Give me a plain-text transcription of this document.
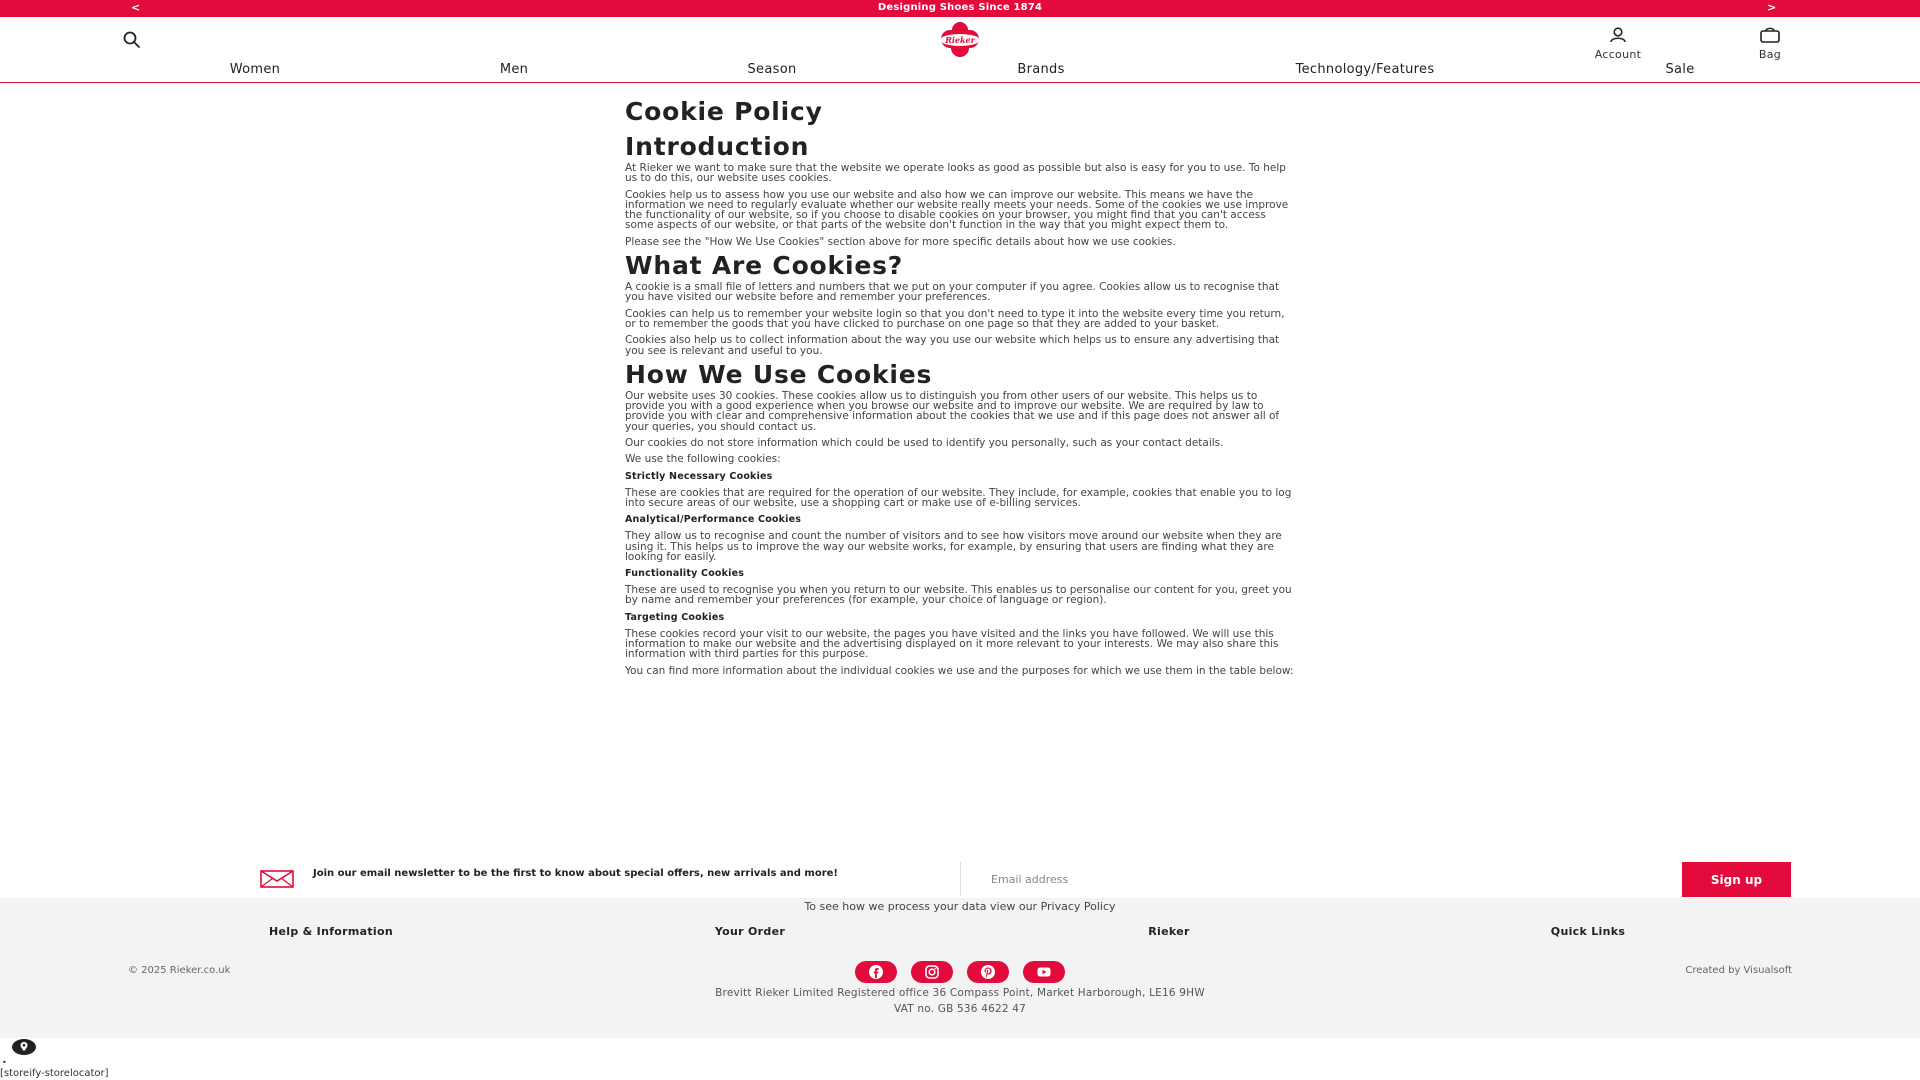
<	Designing Shoes Since 1874	>
Rieker
Account	Bag
Women	Men	Season	Brands	Technology/Features	Sale
Cookie Policy
Introduction

At Rieker we want to make sure that the website we operate looks as good as possible but also is easy for you to use. To help us to do this, our website uses cookies.

Cookies help us to assess how you use our website and also how we can improve our website. This means we have the information we need to regularly evaluate whether our website really meets your needs. Some of the cookies we use improve the functionality of our website, so if you choose to disable cookies on your browser, you might find that you can't access some aspects of our website, or that parts of the website don't function in the way that you might expect them to.

Please see the "How We Use Cookies" section above for more specific details about how we use cookies.

What Are Cookies?

A cookie is a small file of letters and numbers that we put on your computer if you agree. Cookies allow us to recognise that you have visited our website before and remember your preferences.

Cookies can help us to remember your website login so that you don't need to type it into the website every time you return, or to remember the goods that you have clicked to purchase on one page so that they are added to your basket.

Cookies also help us to collect information about the way you use our website which helps us to ensure any advertising that you see is relevant and useful to you.

How We Use Cookies

Our website uses 30 cookies. These cookies allow us to distinguish you from other users of our website. This helps us to provide you with a good experience when you browse our website and to improve our website. We are required by law to provide you with clear and comprehensive information about the cookies that we use and if this page does not answer all of your queries, you should contact us.

Our cookies do not store information which could be used to identify you personally, such as your contact details.

We use the following cookies:

Strictly Necessary Cookies

These are cookies that are required for the operation of our website. They include, for example, cookies that enable you to log into secure areas of our website, use a shopping cart or make use of e-billing services.

Analytical/Performance Cookies

They allow us to recognise and count the number of visitors and to see how visitors move around our website when they are using it. This helps us to improve the way our website works, for example, by ensuring that users are finding what they are looking for easily.

Functionality Cookies

These are used to recognise you when you return to our website. This enables us to personalise our content for you, greet you by name and remember your preferences (for example, your choice of language or region).

Targeting Cookies

These cookies record your visit to our website, the pages you have visited and the links you have followed. We will use this information to make our website and the advertising displayed on it more relevant to your interests. We may also share this information with third parties for this purpose.

You can find more information about the individual cookies we use and the purposes for which we use them in the table below:

Join our email newsletter to be the first to know about special offers, new arrivals and more!
Email address	Sign up
To see how we process your data view our Privacy Policy
Help & Information	Your Order	Rieker	Quick Links
© 2025 Rieker.co.uk	Created by Visualsoft
Brevitt Rieker Limited Registered office 36 Compass Point, Market Harborough, LE16 9HW
VAT no. GB 536 4622 47
•
[storeify-storelocator]
